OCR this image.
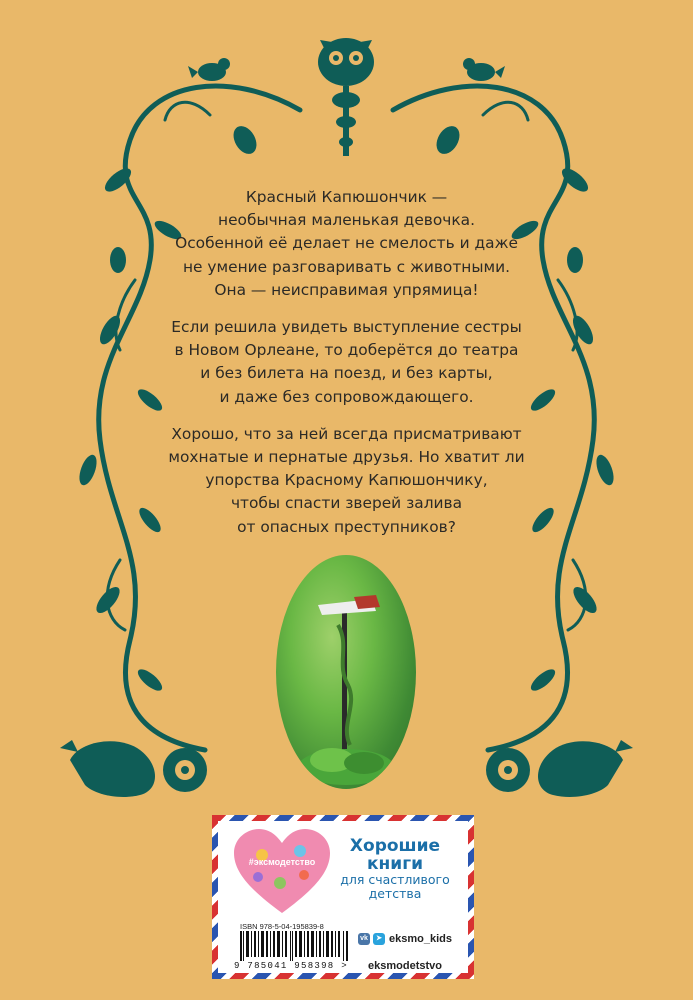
Красный Капюшончик —
необычная маленькая девочка.
Особенной её делает не смелость и даже
не умение разговаривать с животными.
Она — неисправимая упрямица!

Если решила увидеть выступление сестры
в Новом Орлеане, то доберётся до театра
и без билета на поезд, и без карты,
и даже без сопровождающего.

Хорошо, что за ней всегда присматривают
мохнатые и пернатые друзья. Но хватит ли
упорства Красному Капюшончику,
чтобы спасти зверей залива
от опасных преступников?

#эксмодетство
Хорошие
книги
для счастливого
детства
ISBN 978-5-04-195839-8
9 785041 958398 >
vk	➤ eksmo_kids
eksmodetstvo
